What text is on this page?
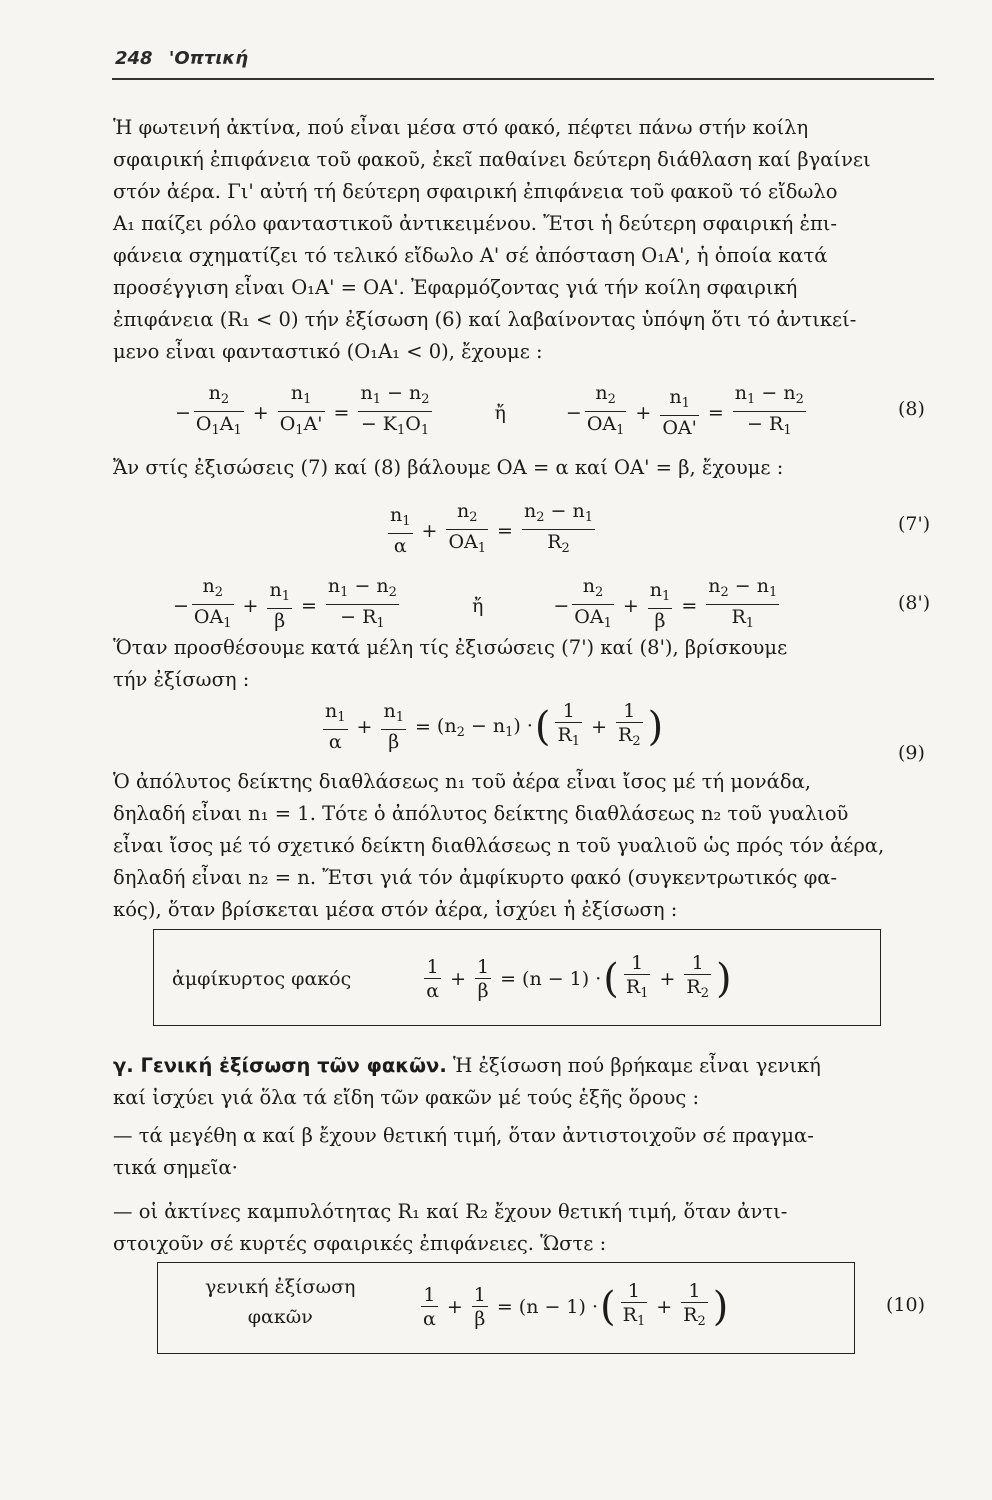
248 'Οπτική
Ἡ φωτεινή ἀκτίνα, πού εἶναι μέσα στό φακό, πέφτει πάνω στήν κοίλη
σφαιρική ἐπιφάνεια τοῦ φακοῦ, ἐκεῖ παθαίνει δεύτερη διάθλαση καί βγαίνει
στόν ἀέρα. Γι' αὐτή τή δεύτερη σφαιρική ἐπιφάνεια τοῦ φακοῦ τό εἴδωλο
A₁ παίζει ρόλο φανταστικοῦ ἀντικειμένου. Ἔτσι ἡ δεύτερη σφαιρική ἐπι-
φάνεια σχηματίζει τό τελικό εἴδωλο A' σέ ἀπόσταση O₁A', ἡ ὁποία κατά
προσέγγιση εἶναι O₁A' = OA'. Ἐφαρμόζοντας γιά τήν κοίλη σφαιρική
ἐπιφάνεια (R₁ < 0) τήν ἐξίσωση (6) καί λαβαίνοντας ὑπόψη ὅτι τό ἀντικεί-
μενο εἶναι φανταστικό (O₁A₁ < 0), ἔχουμε :
− $\frac{n_2}{O_1A_1} + \frac{n_1}{O_1A'} = \frac{n_1 - n_2}{- K_1O_1}$	ἤ	− $\frac{n_2}{OA_1} + \frac{n_1}{OA'} = \frac{n_1 - n_2}{- R_1}$	(8)
Ἄν στίς ἐξισώσεις (7) καί (8) βάλουμε OA = α καί OA' = β, ἔχουμε :
$\frac{n_1}{\alpha} + \frac{n_2}{OA_1} = \frac{n_2 - n_1}{R_2}$	(7')
− $\frac{n_2}{OA_1} + \frac{n_1}{\beta} = \frac{n_1 - n_2}{- R_1}$	ἤ	− $\frac{n_2}{OA_1} + \frac{n_1}{\beta} = \frac{n_2 - n_1}{R_1}$	(8')
Ὅταν προσθέσουμε κατά μέλη τίς ἐξισώσεις (7') καί (8'), βρίσκουμε
τήν ἐξίσωση :
$\frac{n_1}{\alpha} + \frac{n_1}{\beta} = (n_2 - n_1)$ · ( $\frac{1}{R_1} + \frac{1}{R_2}$ )
(9)
Ὁ ἀπόλυτος δείκτης διαθλάσεως n₁ τοῦ ἀέρα εἶναι ἴσος μέ τή μονάδα,
δηλαδή εἶναι n₁ = 1. Τότε ὁ ἀπόλυτος δείκτης διαθλάσεως n₂ τοῦ γυαλιοῦ
εἶναι ἴσος μέ τό σχετικό δείκτη διαθλάσεως n τοῦ γυαλιοῦ ὡς πρός τόν ἀέρα,
δηλαδή εἶναι n₂ = n. Ἔτσι γιά τόν ἀμφίκυρτο φακό (συγκεντρωτικός φα-
κός), ὅταν βρίσκεται μέσα στόν ἀέρα, ἰσχύει ἡ ἐξίσωση :
ἀμφίκυρτος φακός	$\frac{1}{\alpha} + \frac{1}{\beta} = (n - 1)$ · ( $\frac{1}{R_1} + \frac{1}{R_2}$ )
γ. Γενική ἐξίσωση τῶν φακῶν. Ἡ ἐξίσωση πού βρήκαμε εἶναι γενική
καί ἰσχύει γιά ὅλα τά εἴδη τῶν φακῶν μέ τούς ἑξῆς ὅρους :
— τά μεγέθη α καί β ἔχουν θετική τιμή, ὅταν ἀντιστοιχοῦν σέ πραγμα-
τικά σημεῖα·
— οἱ ἀκτίνες καμπυλότητας R₁ καί R₂ ἔχουν θετική τιμή, ὅταν ἀντι-
στοιχοῦν σέ κυρτές σφαιρικές ἐπιφάνειες. Ὥστε :
γενική ἐξίσωση
φακῶν	$\frac{1}{\alpha} + \frac{1}{\beta} = (n - 1)$ · ( $\frac{1}{R_1} + \frac{1}{R_2}$ )	(10)
